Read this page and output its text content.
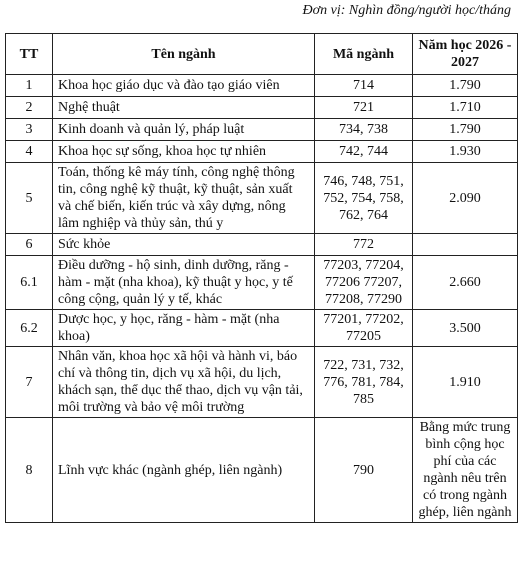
Đơn vị: Nghìn đồng/người học/tháng
TT	Tên ngành	Mã ngành	Năm học 2026 - 2027
1	Khoa học giáo dục và đào tạo giáo viên	714	1.790
2	Nghệ thuật	721	1.710
3	Kinh doanh và quản lý, pháp luật	734, 738	1.790
4	Khoa học sự sống, khoa học tự nhiên	742, 744	1.930
5	Toán, thống kê máy tính, công nghệ thông tin, công nghệ kỹ thuật, kỹ thuật, sản xuất và chế biến, kiến trúc và xây dựng, nông lâm nghiệp và thủy sản, thú y	746, 748, 751, 752, 754, 758, 762, 764	2.090
6	Sức khỏe	772	
6.1	Điều dưỡng - hộ sinh, dinh dưỡng, răng - hàm - mặt (nha khoa), kỹ thuật y học, y tế công cộng, quản lý y tế, khác	77203, 77204, 77206 77207, 77208, 77290	2.660
6.2	Dược học, y học, răng - hàm - mặt (nha khoa)	77201, 77202, 77205	3.500
7	Nhân văn, khoa học xã hội và hành vi, báo chí và thông tin, dịch vụ xã hội, du lịch, khách sạn, thể dục thể thao, dịch vụ vận tải, môi trường và bảo vệ môi trường	722, 731, 732, 776, 781, 784, 785	1.910
8	Lĩnh vực khác (ngành ghép, liên ngành)	790	Bằng mức trung bình cộng học phí của các ngành nêu trên có trong ngành ghép, liên ngành
